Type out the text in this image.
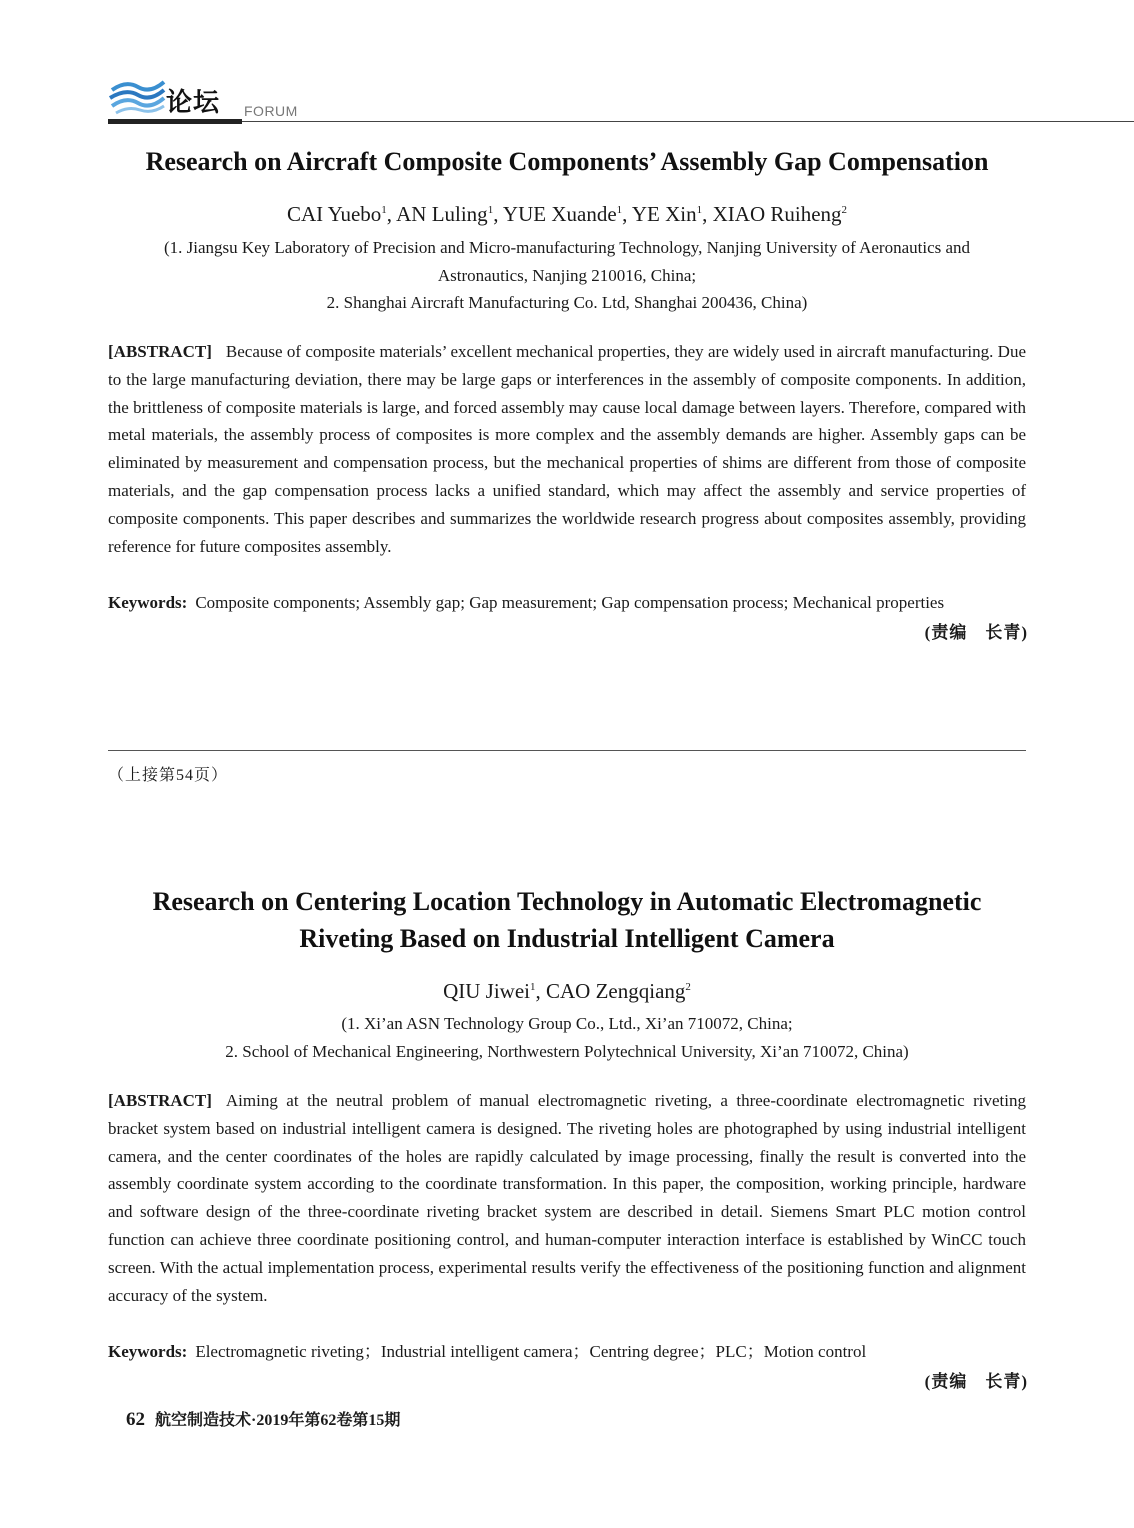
论坛 FORUM
Research on Aircraft Composite Components’ Assembly Gap Compensation
CAI Yuebo$^1$, AN Luling$^1$, YUE Xuande$^1$, YE Xin$^1$, XIAO Ruiheng$^2$
(1. Jiangsu Key Laboratory of Precision and Micro-manufacturing Technology, Nanjing University of Aeronautics and
Astronautics, Nanjing 210016, China;
2. Shanghai Aircraft Manufacturing Co. Ltd, Shanghai 200436, China)
[ABSTRACT] Because of composite materials’ excellent mechanical properties, they are widely used in aircraft manufacturing. Due to the large manufacturing deviation, there may be large gaps or interferences in the assembly of composite components. In addition, the brittleness of composite materials is large, and forced assembly may cause local damage between layers. Therefore, compared with metal materials, the assembly process of composites is more complex and the assembly demands are higher. Assembly gaps can be eliminated by measurement and compensation process, but the mechanical properties of shims are different from those of composite materials, and the gap compensation process lacks a unified standard, which may affect the assembly and service properties of composite components. This paper describes and summarizes the worldwide research progress about composites assembly, providing reference for future composites assembly.
Keywords: Composite components; Assembly gap; Gap measurement; Gap compensation process; Mechanical properties
(责编　长青)
（上接第54页）
Research on Centering Location Technology in Automatic Electromagnetic
Riveting Based on Industrial Intelligent Camera
QIU Jiwei$^1$, CAO Zengqiang$^2$
(1. Xi’an ASN Technology Group Co., Ltd., Xi’an 710072, China;
2. School of Mechanical Engineering, Northwestern Polytechnical University, Xi’an 710072, China)
[ABSTRACT] Aiming at the neutral problem of manual electromagnetic riveting, a three-coordinate electromagnetic riveting bracket system based on industrial intelligent camera is designed. The riveting holes are photographed by using industrial intelligent camera, and the center coordinates of the holes are rapidly calculated by image processing, finally the result is converted into the assembly coordinate system according to the coordinate transformation. In this paper, the composition, working principle, hardware and software design of the three-coordinate riveting bracket system are described in detail. Siemens Smart PLC motion control function can achieve three coordinate positioning control, and human-computer interaction interface is established by WinCC touch screen. With the actual implementation process, experimental results verify the effectiveness of the positioning function and alignment accuracy of the system.
Keywords: Electromagnetic riveting；Industrial intelligent camera；Centring degree；PLC；Motion control
(责编　长青)
62 航空制造技术·2019年第62卷第15期
